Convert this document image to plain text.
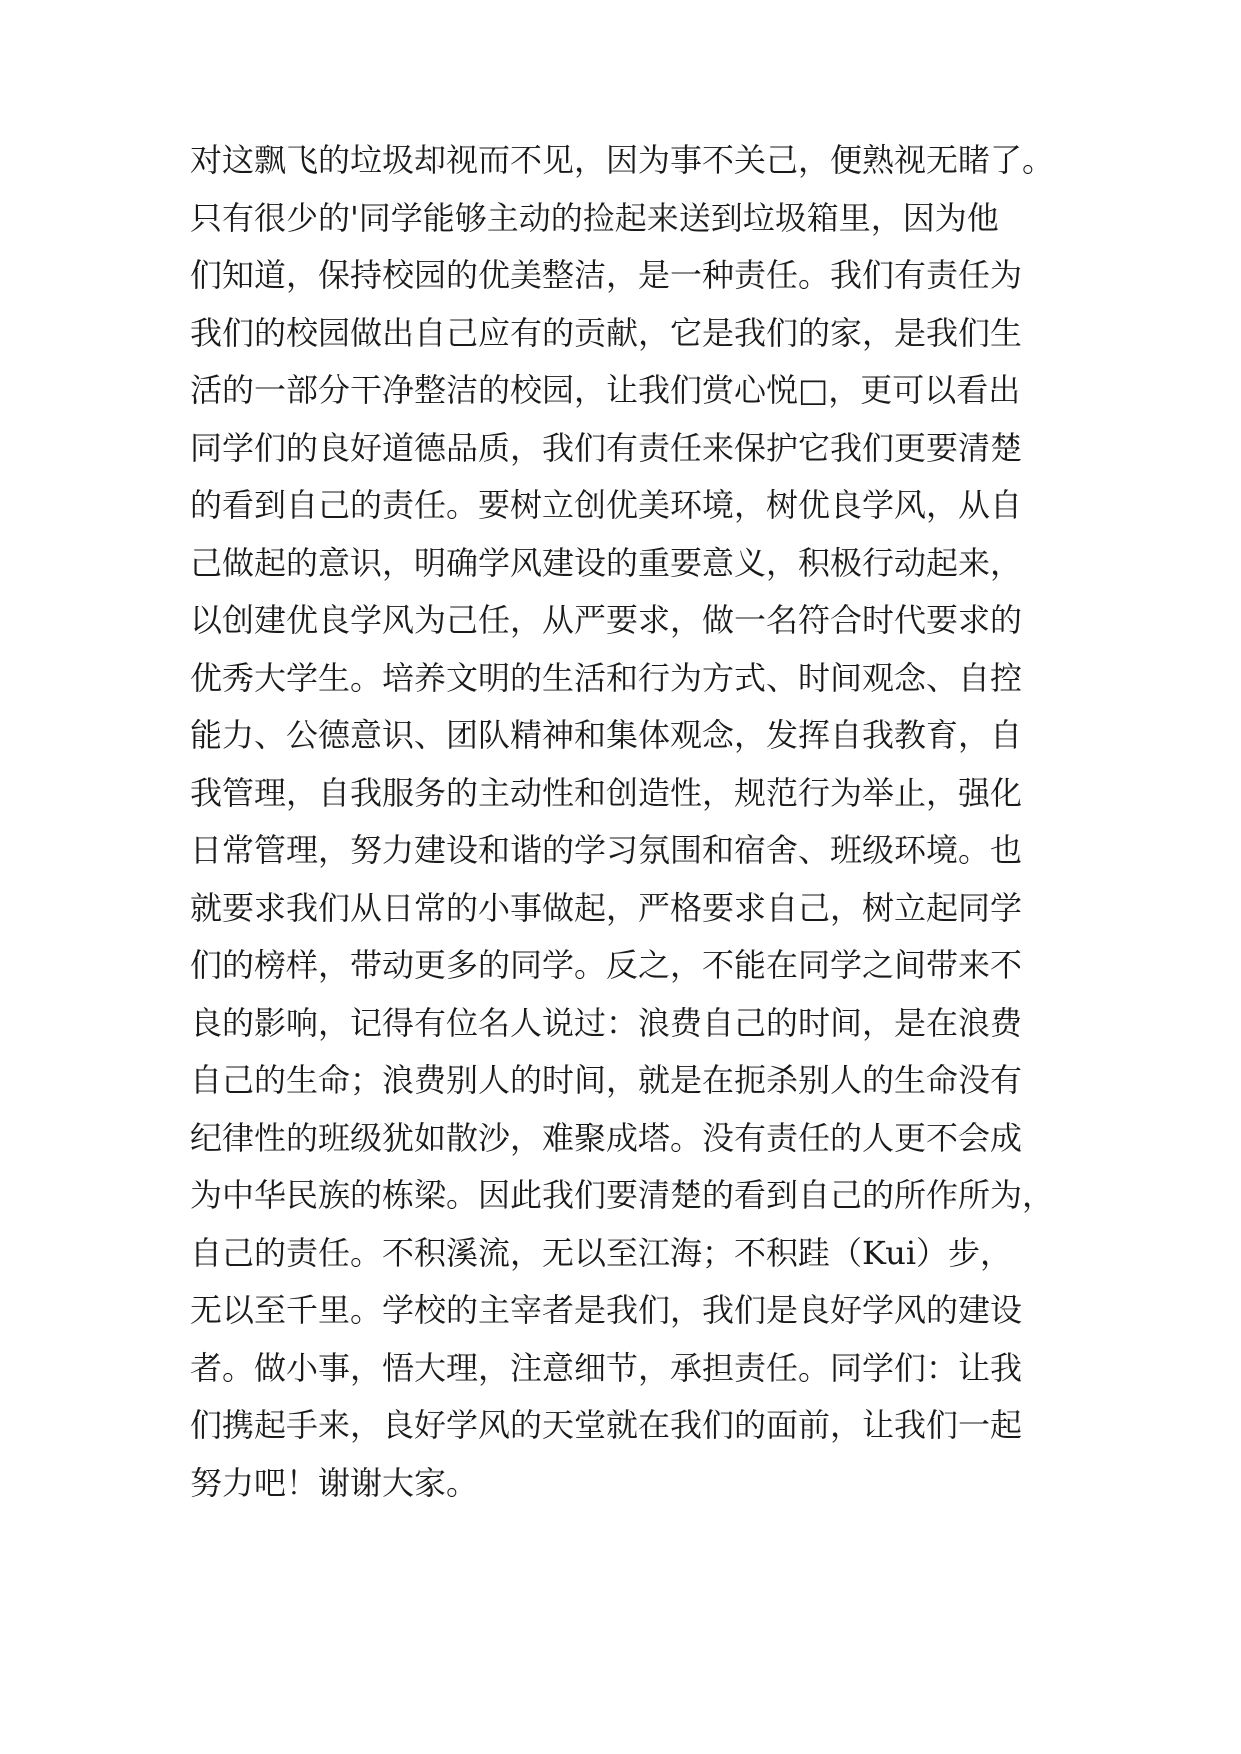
对这飘飞的垃圾却视而不见，因为事不关己，便熟视无睹了。
只有很少的'同学能够主动的捡起来送到垃圾箱里，因为他
们知道，保持校园的优美整洁，是一种责任。我们有责任为
我们的校园做出自己应有的贡献，它是我们的家，是我们生
活的一部分干净整洁的校园，让我们赏心悦□，更可以看出
同学们的良好道德品质，我们有责任来保护它我们更要清楚
的看到自己的责任。要树立创优美环境，树优良学风，从自
己做起的意识，明确学风建设的重要意义，积极行动起来，
以创建优良学风为己任，从严要求，做一名符合时代要求的
优秀大学生。培养文明的生活和行为方式、时间观念、自控
能力、公德意识、团队精神和集体观念，发挥自我教育，自
我管理，自我服务的主动性和创造性，规范行为举止，强化
日常管理，努力建设和谐的学习氛围和宿舍、班级环境。也
就要求我们从日常的小事做起，严格要求自己，树立起同学
们的榜样，带动更多的同学。反之，不能在同学之间带来不
良的影响，记得有位名人说过：浪费自己的时间，是在浪费
自己的生命；浪费别人的时间，就是在扼杀别人的生命没有
纪律性的班级犹如散沙，难聚成塔。没有责任的人更不会成
为中华民族的栋梁。因此我们要清楚的看到自己的所作所为，
自己的责任。不积溪流，无以至江海；不积跬（Kui）步，
无以至千里。学校的主宰者是我们，我们是良好学风的建设
者。做小事，悟大理，注意细节，承担责任。同学们：让我
们携起手来，良好学风的天堂就在我们的面前，让我们一起
努力吧！谢谢大家。
